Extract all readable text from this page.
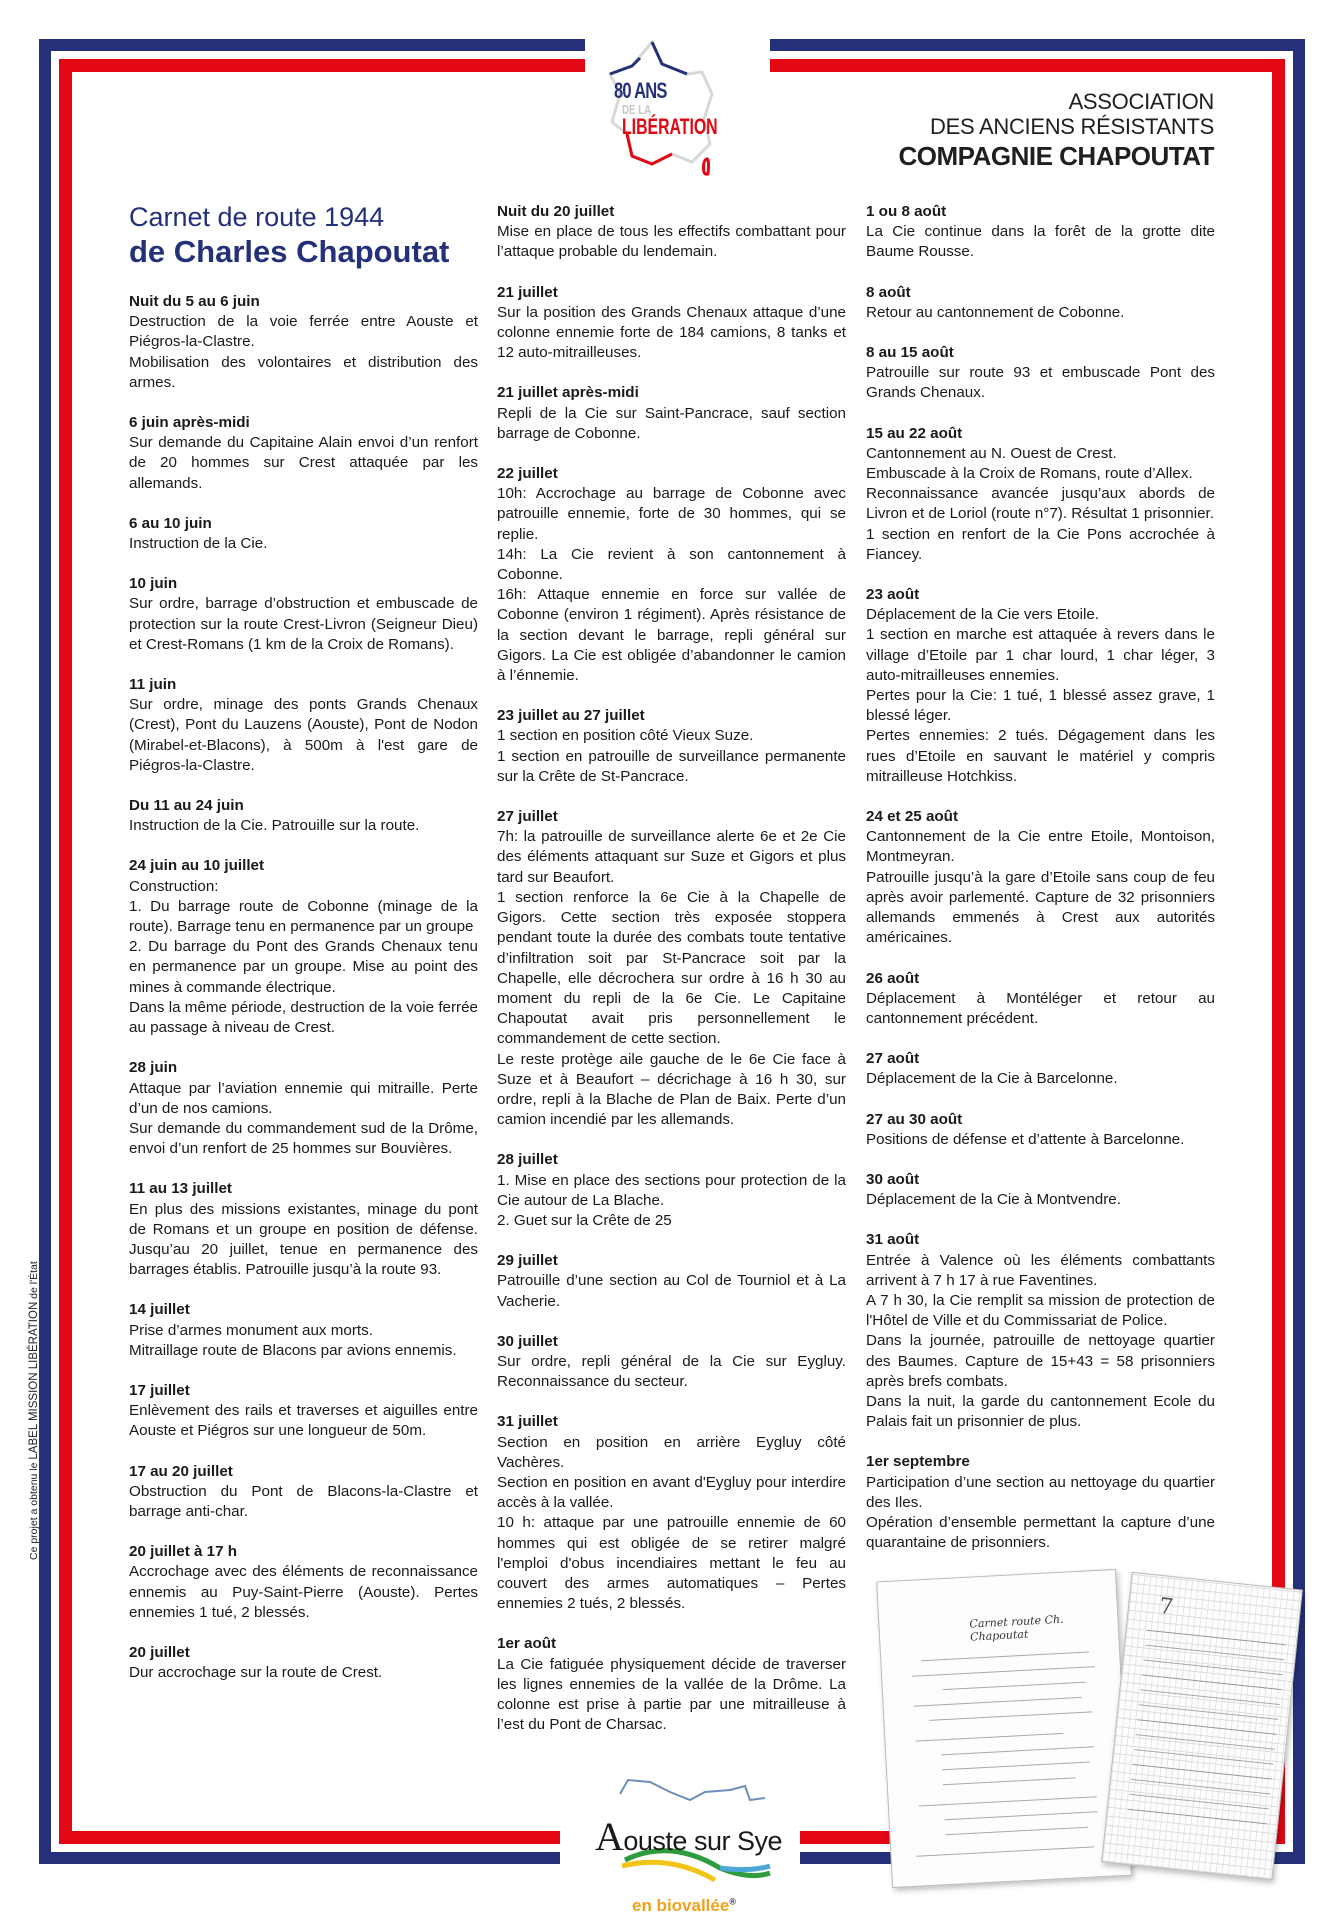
Ce projet a obtenu le LABEL MISSION LIBÉRATION de l'État
80 ANS
DE LA
LIBÉRATION
ASSOCIATION
DES ANCIENS RÉSISTANTS
COMPAGNIE CHAPOUTAT
Carnet de route 1944
de Charles Chapoutat
Nuit du 5 au 6 juin
Destruction de la voie ferrée entre Aouste et Piégros-la-Clastre.
Mobilisation des volontaires et distribution des armes.
6 juin après-midi
Sur demande du Capitaine Alain envoi d’un renfort de 20 hommes sur Crest attaquée par les allemands.
6 au 10 juin
Instruction de la Cie.
10 juin
Sur ordre, barrage d’obstruction et embuscade de protection sur la route Crest-Livron (Seigneur Dieu) et Crest-Romans (1 km de la Croix de Romans).
11 juin
Sur ordre, minage des ponts Grands Chenaux (Crest), Pont du Lauzens (Aouste), Pont de Nodon (Mirabel-et-Blacons), à 500m à l'est gare de Piégros-la-Clastre.
Du 11 au 24 juin
Instruction de la Cie. Patrouille sur la route.
24 juin au 10 juillet
Construction:
1. Du barrage route de Cobonne (minage de la route). Barrage tenu en permanence par un groupe
2. Du barrage du Pont des Grands Chenaux tenu en permanence par un groupe. Mise au point des mines à commande électrique.
Dans la même période, destruction de la voie ferrée au passage à niveau de Crest.
28 juin
Attaque par l’aviation ennemie qui mitraille. Perte d’un de nos camions.
Sur demande du commandement sud de la Drôme, envoi d’un renfort de 25 hommes sur Bouvières.
11 au 13 juillet
En plus des missions existantes, minage du pont de Romans et un groupe en position de défense. Jusqu’au 20 juillet, tenue en permanence des barrages établis. Patrouille jusqu’à la route 93.
14 juillet
Prise d’armes monument aux morts.
Mitraillage route de Blacons par avions ennemis.
17 juillet
Enlèvement des rails et traverses et aiguilles entre Aouste et Piégros sur une longueur de 50m.
17 au 20 juillet
Obstruction du Pont de Blacons-la-Clastre et barrage anti-char.
20 juillet à 17 h
Accrochage avec des éléments de reconnaissance ennemis au Puy-Saint-Pierre (Aouste). Pertes ennemies 1 tué, 2 blessés.
20 juillet
Dur accrochage sur la route de Crest.
Nuit du 20 juillet
Mise en place de tous les effectifs combattant pour l’attaque probable du lendemain.
21 juillet
Sur la position des Grands Chenaux attaque d’une colonne ennemie forte de 184 camions, 8 tanks et 12 auto-mitrailleuses.
21 juillet après-midi
Repli de la Cie sur Saint-Pancrace, sauf section barrage de Cobonne.
22 juillet
10h: Accrochage au barrage de Cobonne avec patrouille ennemie, forte de 30 hommes, qui se replie.
14h: La Cie revient à son cantonnement à Cobonne.
16h: Attaque ennemie en force sur vallée de Cobonne (environ 1 régiment). Après résistance de la section devant le barrage, repli général sur Gigors. La Cie est obligée d’abandonner le camion à l’énnemie.
23 juillet au 27 juillet
1 section en position côté Vieux Suze.
1 section en patrouille de surveillance permanente sur la Crête de St-Pancrace.
27 juillet
7h: la patrouille de surveillance alerte 6e et 2e Cie des éléments attaquant sur Suze et Gigors et plus tard sur Beaufort.
1 section renforce la 6e Cie à la Chapelle de Gigors. Cette section très exposée stoppera pendant toute la durée des combats toute tentative d’infiltration soit par St-Pancrace soit par la Chapelle, elle décrochera sur ordre à 16 h 30 au moment du repli de la 6e Cie. Le Capitaine Chapoutat avait pris personnellement le commandement de cette section.
Le reste protège aile gauche de le 6e Cie face à Suze et à Beaufort – décrichage à 16 h 30, sur ordre, repli à la Blache de Plan de Baix. Perte d’un camion incendié par les allemands.
28 juillet
1. Mise en place des sections pour protection de la Cie autour de La Blache.
2. Guet sur la Crête de 25
29 juillet
Patrouille d’une section au Col de Tourniol et à La Vacherie.
30 juillet
Sur ordre, repli général de la Cie sur Eygluy. Reconnaissance du secteur.
31 juillet
Section en position en arrière Eygluy côté Vachères.
Section en position en avant d'Eygluy pour interdire accès à la vallée.
10 h: attaque par une patrouille ennemie de 60 hommes qui est obligée de se retirer malgré l'emploi d'obus incendiaires mettant le feu au couvert des armes automatiques – Pertes ennemies 2 tués, 2 blessés.
1er août
La Cie fatiguée physiquement décide de traverser les lignes ennemies de la vallée de la Drôme. La colonne est prise à partie par une mitrailleuse à l’est du Pont de Charsac.
1 ou 8 août
La Cie continue dans la forêt de la grotte dite Baume Rousse.
8 août
Retour au cantonnement de Cobonne.
8 au 15 août
Patrouille sur route 93 et embuscade Pont des Grands Chenaux.
15 au 22 août
Cantonnement au N. Ouest de Crest.
Embuscade à la Croix de Romans, route d’Allex.
Reconnaissance avancée jusqu’aux abords de Livron et de Loriol (route n°7). Résultat 1 prisonnier.
1 section en renfort de la Cie Pons accrochée à Fiancey.
23 août
Déplacement de la Cie vers Etoile.
1 section en marche est attaquée à revers dans le village d’Etoile par 1 char lourd, 1 char léger, 3 auto-mitrailleuses ennemies.
Pertes pour la Cie: 1 tué, 1 blessé assez grave, 1 blessé léger.
Pertes ennemies: 2 tués. Dégagement dans les rues d’Etoile en sauvant le matériel y compris mitrailleuse Hotchkiss.
24 et 25 août
Cantonnement de la Cie entre Etoile, Montoison, Montmeyran.
Patrouille jusqu’à la gare d’Etoile sans coup de feu après avoir parlementé. Capture de 32 prisonniers allemands emmenés à Crest aux autorités américaines.
26 août
Déplacement à Montéléger et retour au cantonnement précédent.
27 août
Déplacement de la Cie à Barcelonne.
27 au 30 août
Positions de défense et d’attente à Barcelonne.
30 août
Déplacement de la Cie à Montvendre.
31 août
Entrée à Valence où les éléments combattants arrivent à 7 h 17 à rue Faventines.
A 7 h 30, la Cie remplit sa mission de protection de l'Hôtel de Ville et du Commissariat de Police.
Dans la journée, patrouille de nettoyage quartier des Baumes. Capture de 15+43 = 58 prisonniers après brefs combats.
Dans la nuit, la garde du cantonnement Ecole du Palais fait un prisonnier de plus.
1er septembre
Participation d’une section au nettoyage du quartier des Iles.
Opération d’ensemble permettant la capture d’une quarantaine de prisonniers.
Carnet route Ch. Chapoutat
7
Aouste sur Sye
en biovallée®
